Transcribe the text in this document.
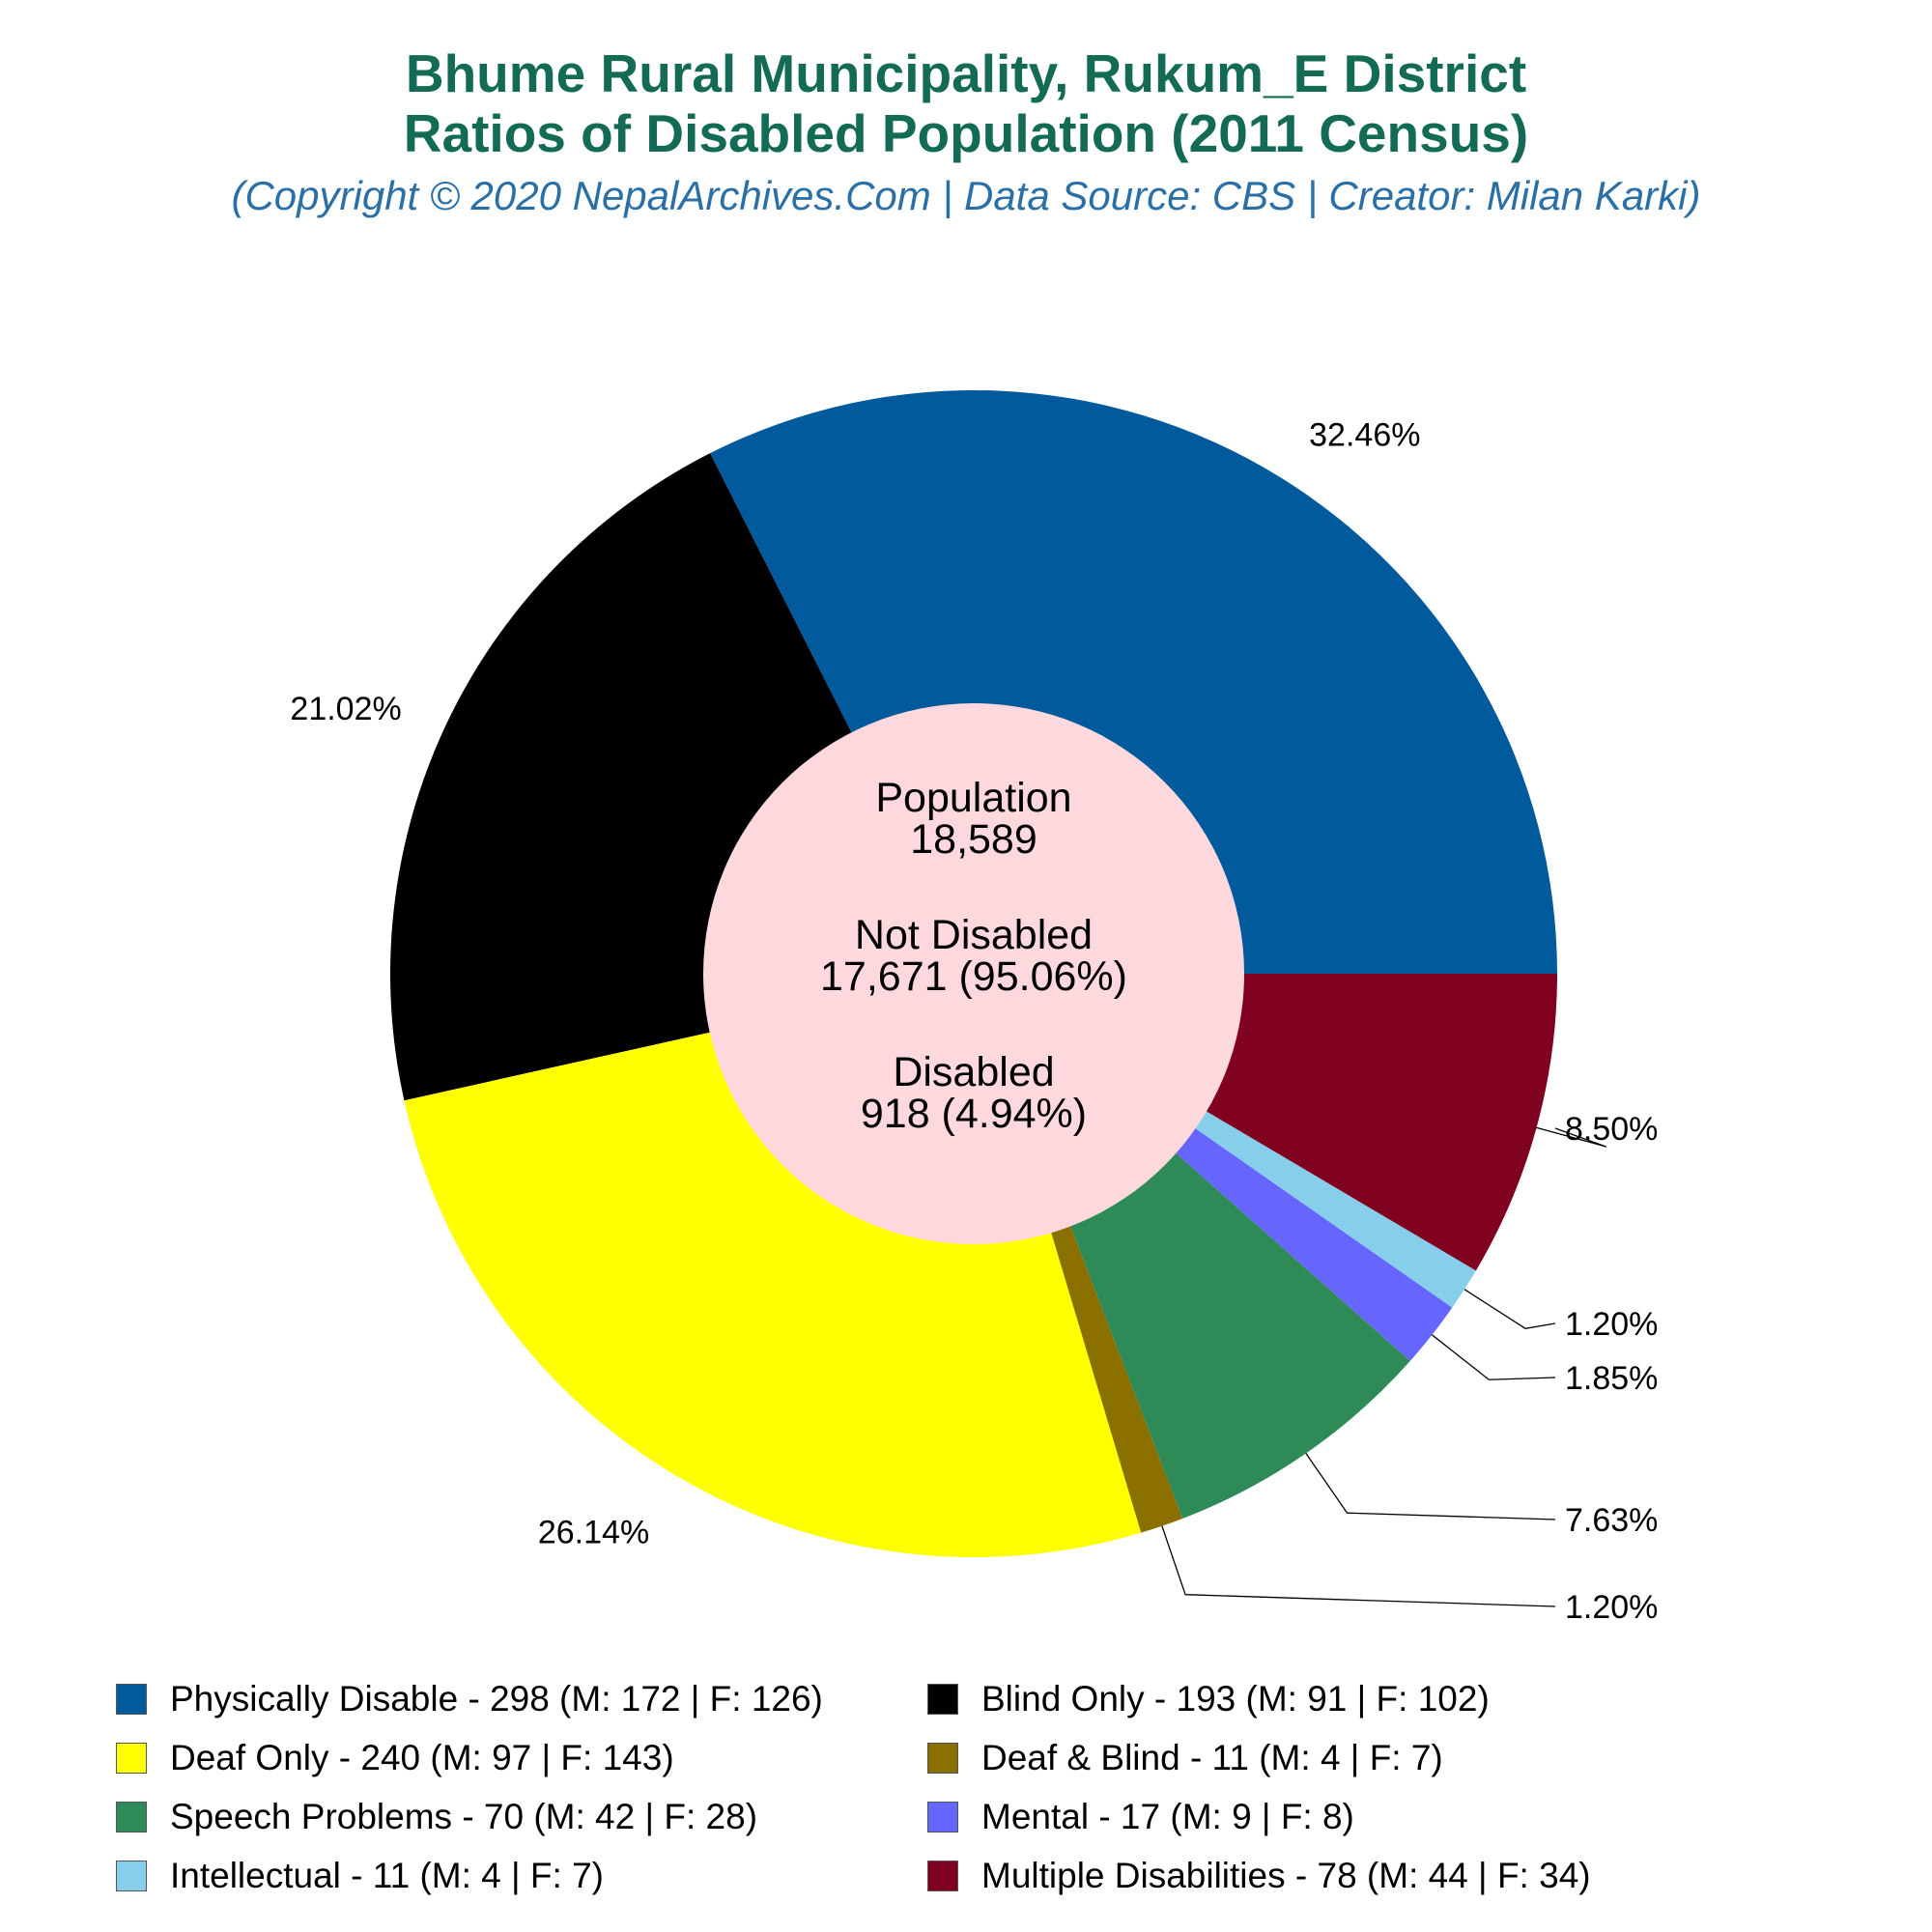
Bhume Rural Municipality, Rukum_E District
Ratios of Disabled Population (2011 Census)
(Copyright © 2020 NepalArchives.Com | Data Source: CBS | Creator: Milan Karki)
32.46%
21.02%
26.14%
1.20%
7.63%
1.85%
1.20%
8.50%
Population
18,589
Not Disabled
17,671 (95.06%)
Disabled
918 (4.94%)
Physically Disable - 298 (M: 172 | F: 126)	Blind Only - 193 (M: 91 | F: 102)
Deaf Only - 240 (M: 97 | F: 143)	Deaf & Blind - 11 (M: 4 | F: 7)
Speech Problems - 70 (M: 42 | F: 28)	Mental - 17 (M: 9 | F: 8)
Intellectual - 11 (M: 4 | F: 7)	Multiple Disabilities - 78 (M: 44 | F: 34)
